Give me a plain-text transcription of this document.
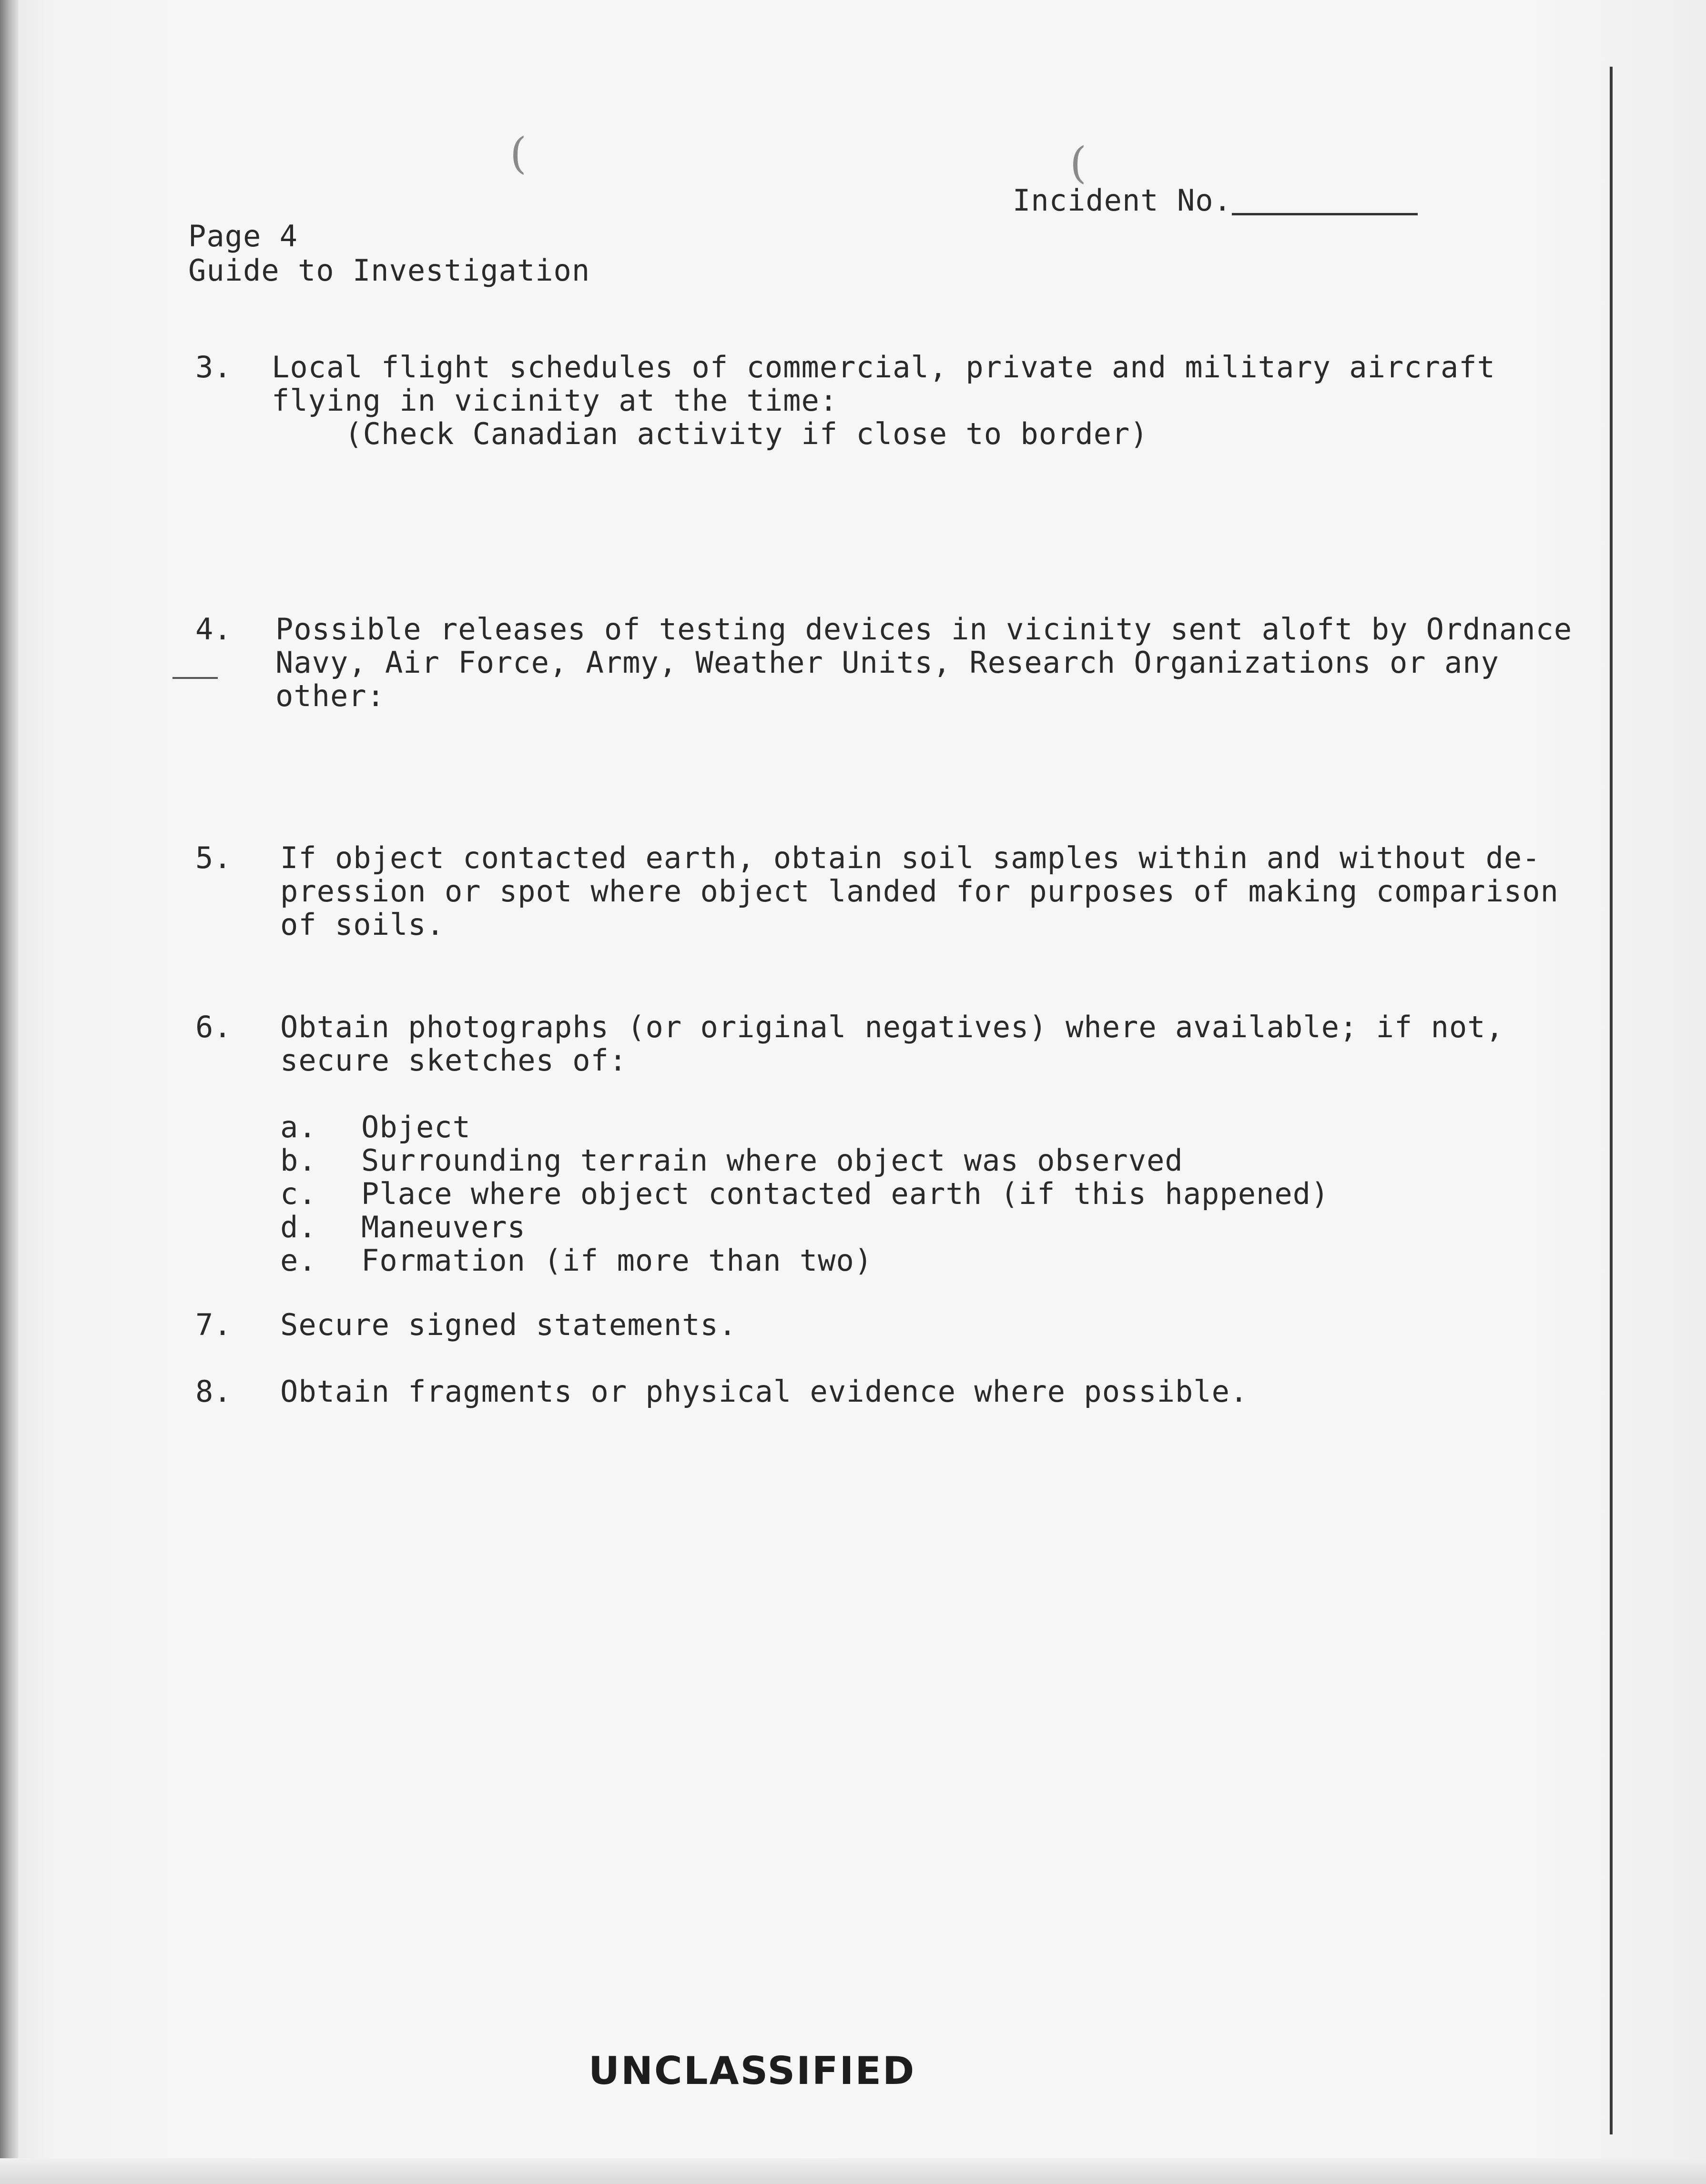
(	(
Incident No.
Page 4
Guide to Investigation
3. Local flight schedules of commercial, private and military aircraft
flying in vicinity at the time:
(Check Canadian activity if close to border)
4. Possible releases of testing devices in vicinity sent aloft by Ordnance
Navy, Air Force, Army, Weather Units, Research Organizations or any
other:
5. If object contacted earth, obtain soil samples within and without de-
pression or spot where object landed for purposes of making comparison
of soils.
6. Obtain photographs (or original negatives) where available; if not,
secure sketches of:
a. Object
b. Surrounding terrain where object was observed
c. Place where object contacted earth (if this happened)
d. Maneuvers
e. Formation (if more than two)
7. Secure signed statements.
8. Obtain fragments or physical evidence where possible.
UNCLASSIFIED
